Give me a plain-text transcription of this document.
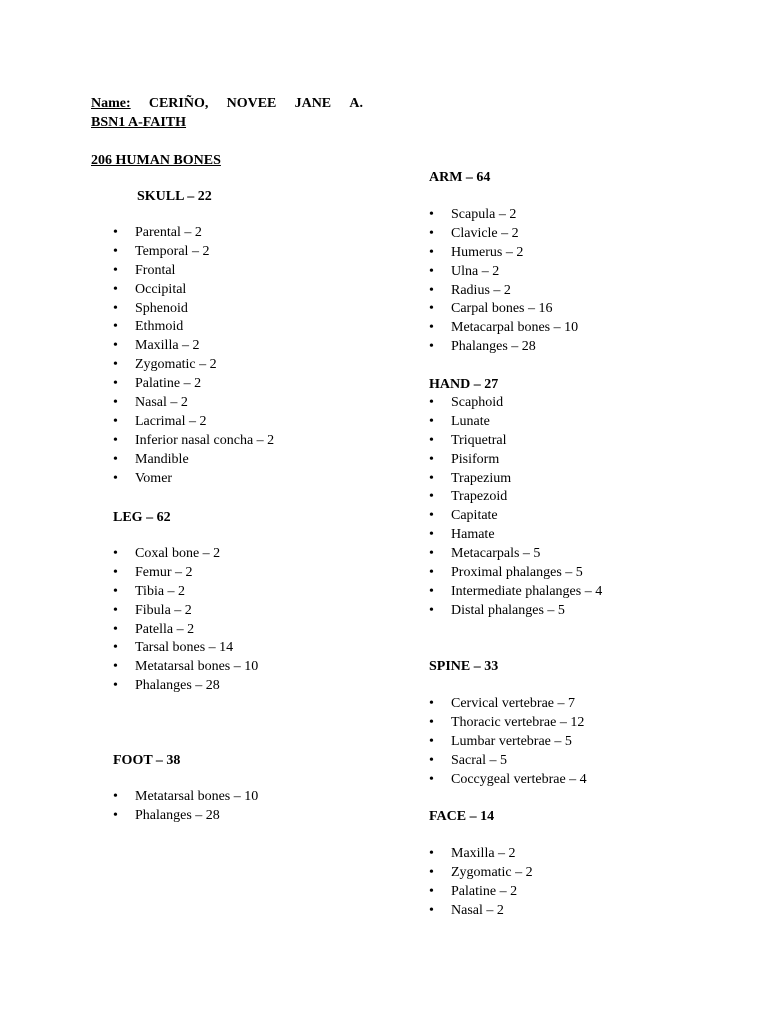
Name: CERIÑO, NOVEE JANE A.
BSN1 A-FAITH
206 HUMAN BONES
SKULL – 22
• Parental – 2
• Temporal – 2
• Frontal
• Occipital
• Sphenoid
• Ethmoid
• Maxilla – 2
• Zygomatic – 2
• Palatine – 2
• Nasal – 2
• Lacrimal – 2
• Inferior nasal concha – 2
• Mandible
• Vomer
LEG – 62
• Coxal bone – 2
• Femur – 2
• Tibia – 2
• Fibula – 2
• Patella – 2
• Tarsal bones – 14
• Metatarsal bones – 10
• Phalanges – 28
FOOT – 38
• Metatarsal bones – 10
• Phalanges – 28
ARM – 64
• Scapula – 2
• Clavicle – 2
• Humerus – 2
• Ulna – 2
• Radius – 2
• Carpal bones – 16
• Metacarpal bones – 10
• Phalanges – 28
HAND – 27
• Scaphoid
• Lunate
• Triquetral
• Pisiform
• Trapezium
• Trapezoid
• Capitate
• Hamate
• Metacarpals – 5
• Proximal phalanges – 5
• Intermediate phalanges – 4
• Distal phalanges – 5
SPINE – 33
• Cervical vertebrae – 7
• Thoracic vertebrae – 12
• Lumbar vertebrae – 5
• Sacral – 5
• Coccygeal vertebrae – 4
FACE – 14
• Maxilla – 2
• Zygomatic – 2
• Palatine – 2
• Nasal – 2
